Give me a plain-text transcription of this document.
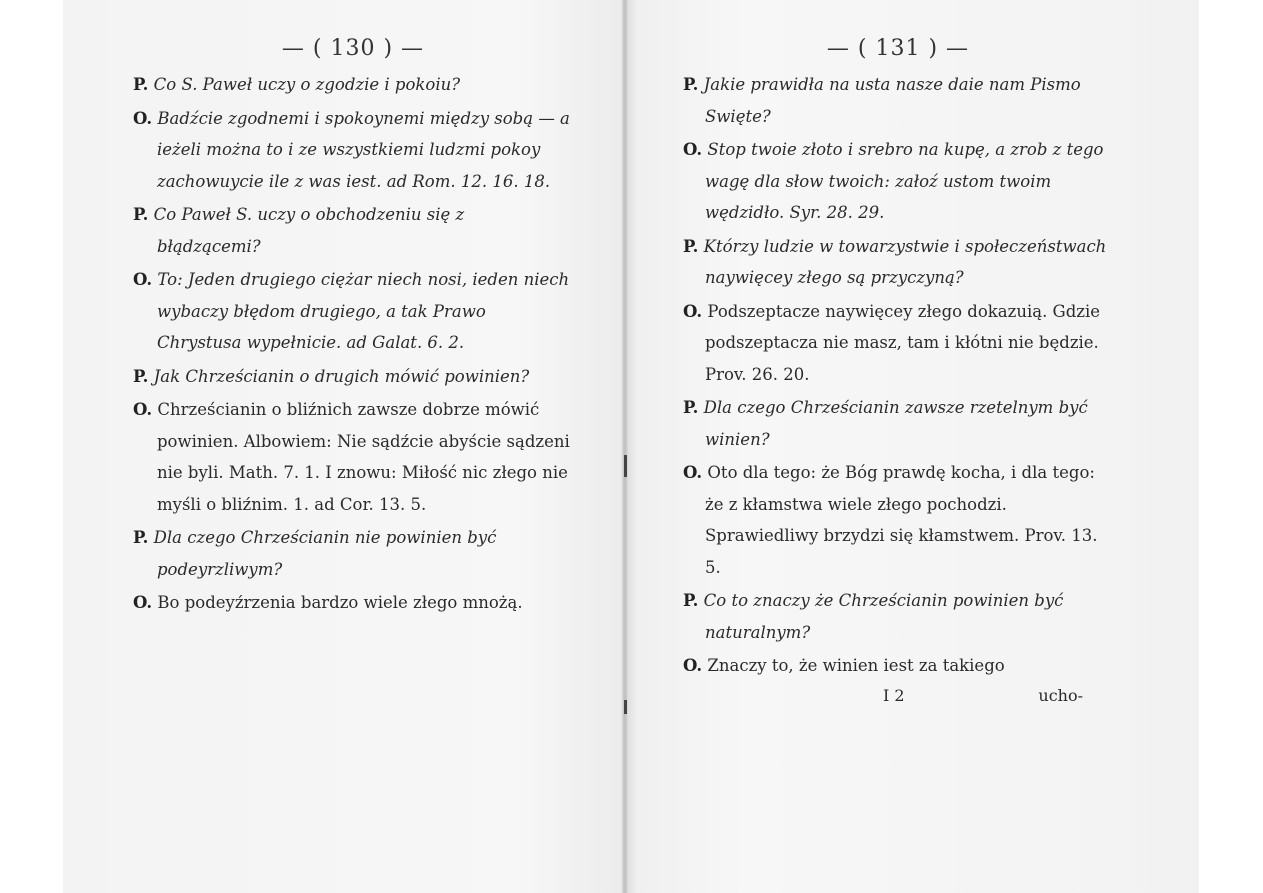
— ( 130 ) —
P. Co S. Paweł uczy o zgodzie i pokoiu?
O. Badźcie zgodnemi i spokoynemi między sobą — a ieżeli można to i ze wszystkiemi ludzmi pokoy zachowuycie ile z was iest. ad Rom. 12. 16. 18.
P. Co Paweł S. uczy o obchodzeniu się z błądzącemi?
O. To: Jeden drugiego ciężar niech nosi, ieden niech wybaczy błędom drugiego, a tak Prawo Chrystusa wypełnicie. ad Galat. 6. 2.
P. Jak Chrześcianin o drugich mówić powinien?
O. Chrześcianin o bliźnich zawsze dobrze mówić powinien. Albowiem: Nie sądźcie abyście sądzeni nie byli. Math. 7. 1. I znowu: Miłość nic złego nie myśli o bliźnim. 1. ad Cor. 13. 5.
P. Dla czego Chrześcianin nie powinien być podeyrzliwym?
O. Bo podeyźrzenia bardzo wiele złego mnożą.
— ( 131 ) —
P. Jakie prawidła na usta nasze daie nam Pismo Swięte?
O. Stop twoie złoto i srebro na kupę, a zrob z tego wagę dla słow twoich: załoź ustom twoim wędzidło. Syr. 28. 29.
P. Którzy ludzie w towarzystwie i społeczeństwach naywięcey złego są przyczyną?
O. Podszeptacze naywięcey złego dokazuią. Gdzie podszeptacza nie masz, tam i kłótni nie będzie. Prov. 26. 20.
P. Dla czego Chrześcianin zawsze rzetelnym być winien?
O. Oto dla tego: że Bóg prawdę kocha, i dla tego: że z kłamstwa wiele złego pochodzi. Sprawiedliwy brzydzi się kłamstwem. Prov. 13. 5.
P. Co to znaczy że Chrześcianin powinien być naturalnym?
O. Znaczy to, że winien iest za takiego
I 2	ucho-
